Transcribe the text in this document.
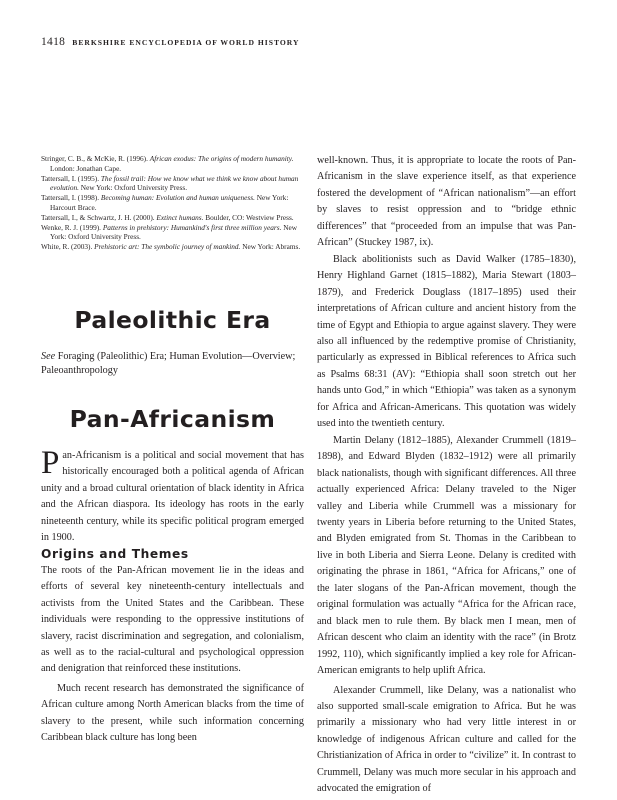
1418 BERKSHIRE ENCYCLOPEDIA OF WORLD HISTORY
Stringer, C. B., & McKie, R. (1996). African exodus: The origins of modern humanity. London: Jonathan Cape.
Tattersall, I. (1995). The fossil trail: How we know what we think we know about human evolution. New York: Oxford University Press.
Tattersall, I. (1998). Becoming human: Evolution and human uniqueness. New York: Harcourt Brace.
Tattersall, I., & Schwartz, J. H. (2000). Extinct humans. Boulder, CO: Westview Press.
Wenke, R. J. (1999). Patterns in prehistory: Humankind's first three million years. New York: Oxford University Press.
White, R. (2003). Prehistoric art: The symbolic journey of mankind. New York: Abrams.
Paleolithic Era
See Foraging (Paleolithic) Era; Human Evolution—Overview; Paleoanthropology
Pan-Africanism
Pan-Africanism is a political and social movement that has historically encouraged both a political agenda of African unity and a broad cultural orientation of black identity in Africa and the African diaspora. Its ideology has roots in the early nineteenth century, while its specific political program emerged in 1900.
Origins and Themes

The roots of the Pan-African movement lie in the ideas and efforts of several key nineteenth-century intellectuals and activists from the United States and the Caribbean. These individuals were responding to the oppressive institutions of slavery, racist discrimination and segregation, and colonialism, as well as to the racial-cultural and psychological oppression and denigration that reinforced these institutions.

Much recent research has demonstrated the significance of African culture among North American blacks from the time of slavery to the present, while such information concerning Caribbean black culture has long been

well-known. Thus, it is appropriate to locate the roots of Pan-Africanism in the slave experience itself, as that experience fostered the development of “African nationalism”—an effort by slaves to resist oppression and to “bridge ethnic differences” that “proceeded from an impulse that was Pan-African” (Stuckey 1987, ix).

Black abolitionists such as David Walker (1785–1830), Henry Highland Garnet (1815–1882), Maria Stewart (1803–1879), and Frederick Douglass (1817–1895) used their interpretations of African culture and ancient history from the time of Egypt and Ethiopia to argue against slavery. They were also all influenced by the redemptive promise of Christianity, particularly as expressed in Biblical references to Africa such as Psalms 68:31 (AV): “Ethiopia shall soon stretch out her hands unto God,” in which “Ethiopia” was taken as a synonym for Africa and African-Americans. This quotation was widely used into the twentieth century.

Martin Delany (1812–1885), Alexander Crummell (1819–1898), and Edward Blyden (1832–1912) were all primarily black nationalists, though with significant differences. All three actually experienced Africa: Delany traveled to the Niger valley and Liberia while Crummell was a missionary for twenty years in Liberia before returning to the United States, and Blyden emigrated from St. Thomas in the Caribbean to live in both Liberia and Sierra Leone. Delany is credited with originating the phrase in 1861, “Africa for Africans,” one of the later slogans of the Pan-African movement, though the original formulation was actually “Africa for the African race, and black men to rule them. By black men I mean, men of African descent who claim an identity with the race” (in Brotz 1992, 110), which significantly implied a key role for African-American emigrants to help uplift Africa.

Alexander Crummell, like Delany, was a nationalist who also supported small-scale emigration to Africa. But he was primarily a missionary who had very little interest in or knowledge of indigenous African culture and called for the Christianization of Africa in order to “civilize” it. In contrast to Crummell, Delany was much more secular in his approach and advocated the emigration of
